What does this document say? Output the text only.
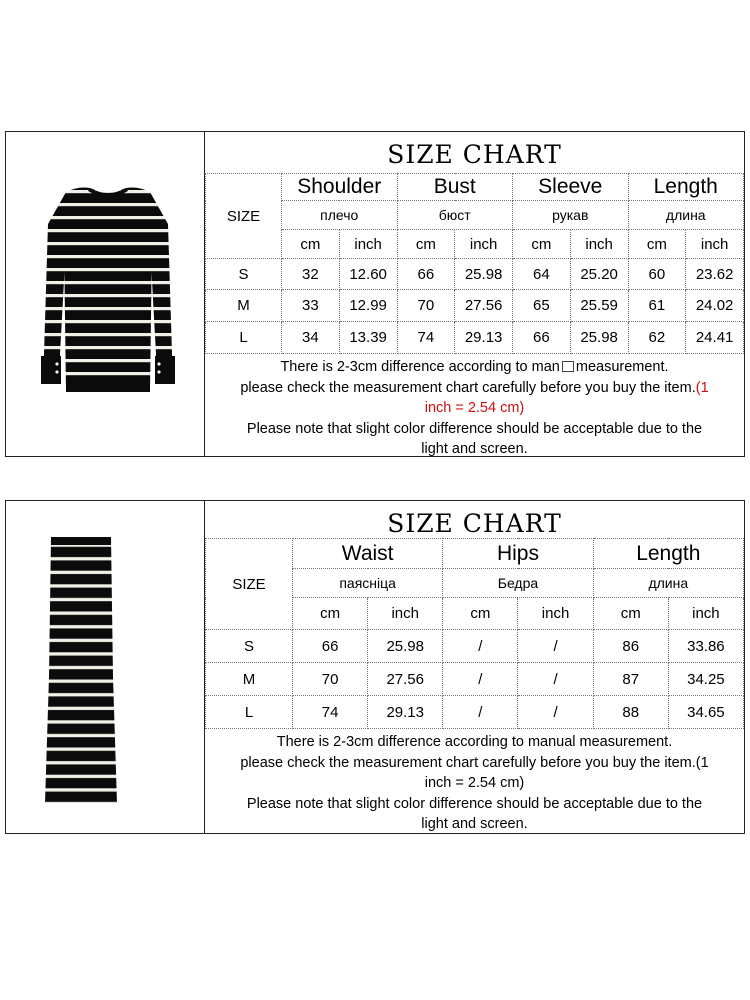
SIZE CHART
SIZE	Shoulder		Bust		Sleeve		Length	
	плечо		бюст		рукав		длина	
	cm	inch	cm	inch	cm	inch	cm	inch
S	32	12.60	66	25.98	64	25.20	60	23.62
M	33	12.99	70	27.56	65	25.59	61	24.02
L	34	13.39	74	29.13	66	25.98	62	24.41
There is 2-3cm difference according to man measurement.
please check the measurement chart carefully before you buy the item.(1
inch = 2.54 cm)
Please note that slight color difference should be acceptable due to the
light and screen.
SIZE CHART
SIZE	Waist		Hips		Length	
	паясніца		Бедра		длина	
	cm	inch	cm	inch	cm	inch
S	66	25.98	/	/	86	33.86
M	70	27.56	/	/	87	34.25
L	74	29.13	/	/	88	34.65
There is 2-3cm difference according to manual measurement.
please check the measurement chart carefully before you buy the item.(1
inch = 2.54 cm)
Please note that slight color difference should be acceptable due to the
light and screen.
